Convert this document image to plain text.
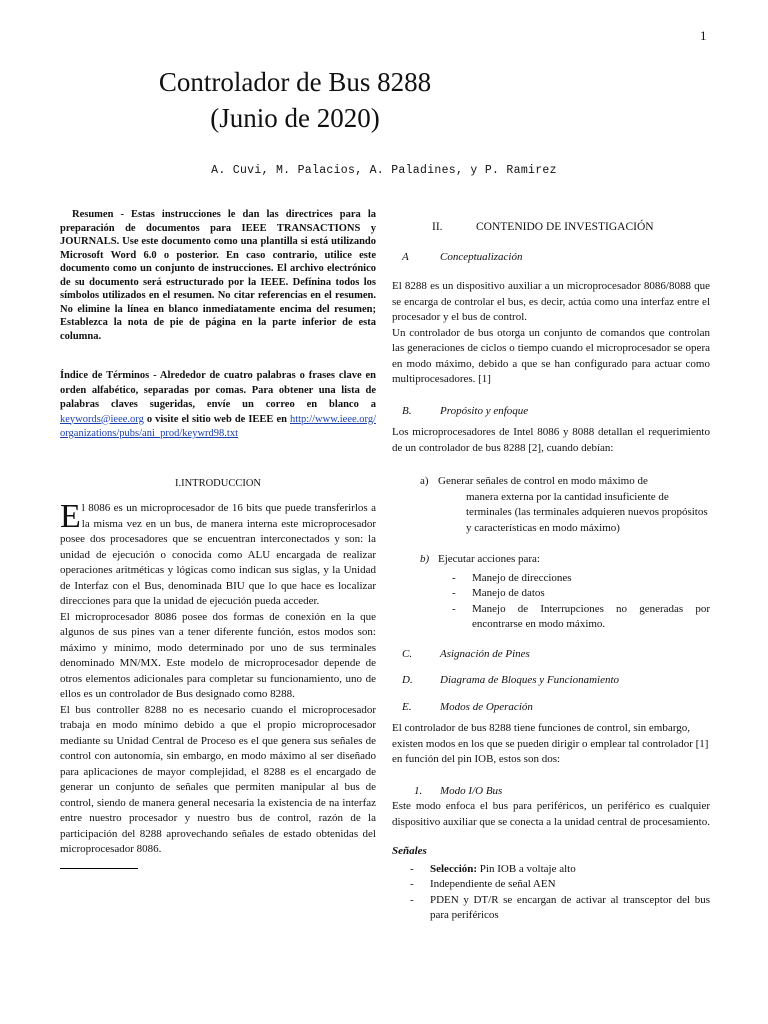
1
Controlador de Bus 8288
(Junio de 2020)
A. Cuvi, M. Palacios, A. Paladines, y P. Ramirez

Resumen - Estas instrucciones le dan las directrices para la preparación de documentos para IEEE TRANSACTIONS y JOURNALS. Use este documento como una plantilla si está utilizando Microsoft Word 6.0 o posterior. En caso contrario, utilice este documento como un conjunto de instrucciones. El archivo electrónico de su documento será estructurado por la IEEE. Defínina todos los símbolos utilizados en el resumen. No citar referencias en el resumen. No elimine la línea en blanco inmediatamente encima del resumen; Establezca la nota de pie de página en la parte inferior de esta columna.

Índice de Términos - Alrededor de cuatro palabras o frases clave en orden alfabético, separadas por comas. Para obtener una lista de palabras claves sugeridas, envíe un correo en blanco a keywords@ieee.org o visite el sitio web de IEEE en http://www.ieee.org/organizations/pubs/ani_prod/keywrd98.txt

I.INTRODUCCION

El 8086 es un microprocesador de 16 bits que puede transferirlos a la misma vez en un bus, de manera interna este microprocesador posee dos procesadores que se encuentran interconectados y son: la unidad de ejecución o conocida como ALU encargada de realizar operaciones aritméticas y lógicas como indican sus siglas, y la Unidad de Interfaz con el Bus, denominada BIU que lo que hace es localizar direcciones para que la unidad de ejecución pueda acceder.

El microprocesador 8086 posee dos formas de conexión en la que algunos de sus pines van a tener diferente función, estos modos son: máximo y mínimo, modo determinado por uno de sus terminales denominado MN/MX. Este modelo de microprocesador depende de otros elementos adicionales para completar su funcionamiento, uno de ellos es un controlador de Bus designado como 8288.

El bus controller 8288 no es necesario cuando el microprocesador trabaja en modo mínimo debido a que el propio microprocesador mediante su Unidad Central de Proceso es el que genera sus señales de control con autonomía, sin embargo, en modo máximo al ser diseñado para aplicaciones de mayor complejidad, el 8288 es el encargado de generar un conjunto de señales que permiten manipular al bus de control, siendo de manera general necesaria la existencia de na interfaz entre nuestro procesador y nuestro bus de control, razón de la participación del 8288 aprovechando señales de estado obtenidas del microprocesador 8086.

II.	CONTENIDO DE INVESTIGACIÓN

A	Conceptualización

El 8288 es un dispositivo auxiliar a un microprocesador 8086/8088 que se encarga de controlar el bus, es decir, actúa como una interfaz entre el procesador y el bus de control.

Un controlador de bus otorga un conjunto de comandos que controlan las generaciones de ciclos o tiempo cuando el microprocesador se opera en modo máximo, debido a que se han configurado para actuar como multiprocesadores. [1]

B.	Propósito y enfoque

Los microprocesadores de Intel 8086 y 8088 detallan el requerimiento de un controlador de bus 8288 [2], cuando debían:

a) Generar señales de control en modo máximo de
manera externa por la cantidad insuficiente de terminales (las terminales adquieren nuevos propósitos y características en modo máximo)
b) Ejecutar acciones para:
- Manejo de direcciones
- Manejo de datos
- Manejo de Interrupciones no generadas por encontrarse en modo máximo.

C.	Asignación de Pines

D. Diagrama de Bloques y Funcionamiento

E.	Modos de Operación

El controlador de bus 8288 tiene funciones de control, sin embargo, existen modos en los que se pueden dirigir o emplear tal controlador [1] en función del pin IOB, estos son dos:

1. Modo I/O Bus

Este modo enfoca el bus para periféricos, un periférico es cualquier dispositivo auxiliar que se conecta a la unidad central de procesamiento.

Señales
- Selección: Pin IOB a voltaje alto
- Independiente de señal AEN
- PDEN y DT/R se encargan de activar al transceptor del bus para periféricos
